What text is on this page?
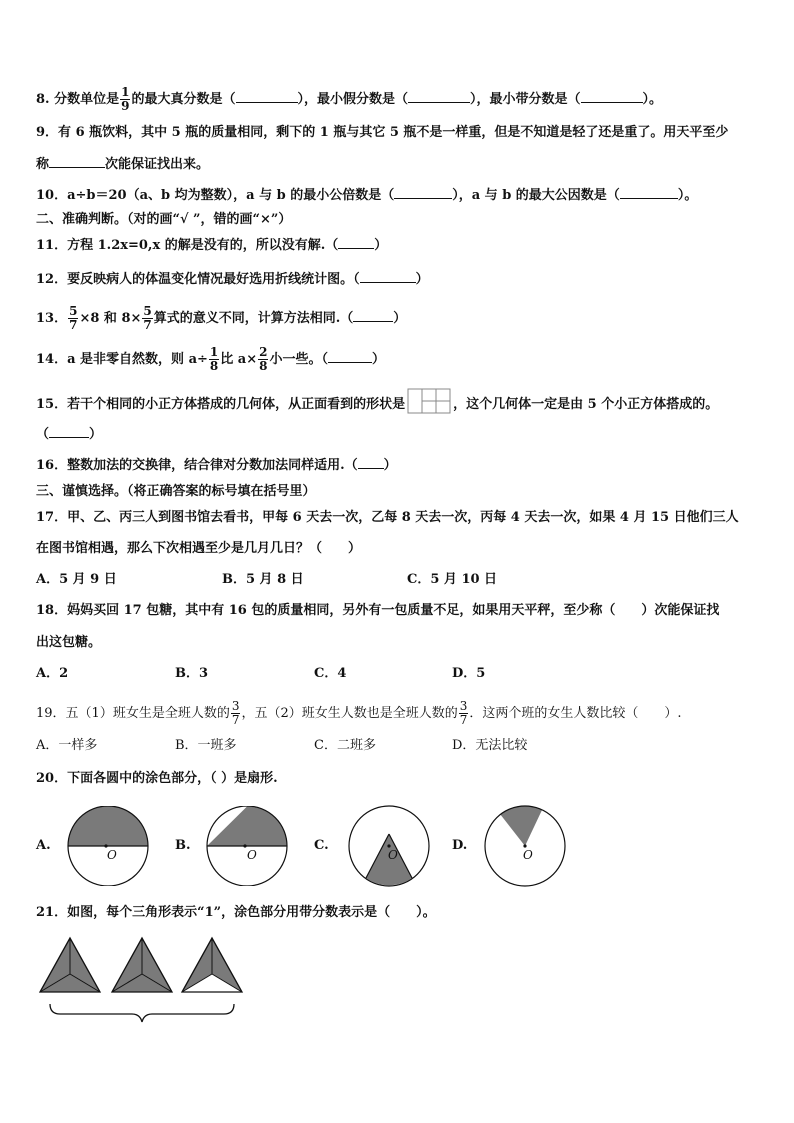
8. 分数单位是 $\frac{1}{9}$ 的最大真分数是（	），最小假分数是（	），最小带分数是（	）。
9．有 6 瓶饮料，其中 5 瓶的质量相同，剩下的 1 瓶与其它 5 瓶不是一样重，但是不知道是轻了还是重了。用天平至少
称	次能保证找出来。
10．a÷b＝20（a、b 均为整数），a 与 b 的最小公倍数是（	），a 与 b 的最大公因数是（	）。
二、准确判断。（对的画“√ ”，错的画“×”）
11．方程 1.2x=0,x 的解是没有的，所以没有解.（	）
12．要反映病人的体温变化情况最好选用折线统计图。（	）
13． $\frac{5}{7} \times 8$ 和 $8\times \frac{5}{7}$ 算式的意义不同，计算方法相同.（	）
14．a 是非零自然数，则 $a\div \frac{1}{8}$ 比 $a\times \frac{2}{8}$ 小一些。（	）
15．若干个相同的小正方体搭成的几何体，从正面看到的形状是	，这个几何体一定是由 5 个小正方体搭成的。
（	）
16．整数加法的交换律，结合律对分数加法同样适用.（ ）
三、谨慎选择。（将正确答案的标号填在括号里）
17．甲、乙、丙三人到图书馆去看书，甲每 6 天去一次，乙每 8 天去一次，丙每 4 天去一次，如果 4 月 15 日他们三人
在图书馆相遇，那么下次相遇至少是几月几日？（　　）
A．5 月 9 日	B．5 月 8 日	C．5 月 10 日
18．妈妈买回 17 包糖，其中有 16 包的质量相同，另外有一包质量不足，如果用天平秤，至少称（　　）次能保证找
出这包糖。
A．2	B．3	C．4	D．5
19．五（1）班女生是全班人数的 $\frac{3}{7}$ ，五（2）班女生人数也是全班人数的 $\frac{3}{7}$ ．这两个班的女生人数比较（　　）.
A．一样多	B．一班多	C．二班多	D．无法比较
20．下面各圆中的涂色部分，（ ）是扇形.
A.
O
B.
O
C.
O
D.
O
21．如图，每个三角形表示“1”，涂色部分用带分数表示是（　　）。
